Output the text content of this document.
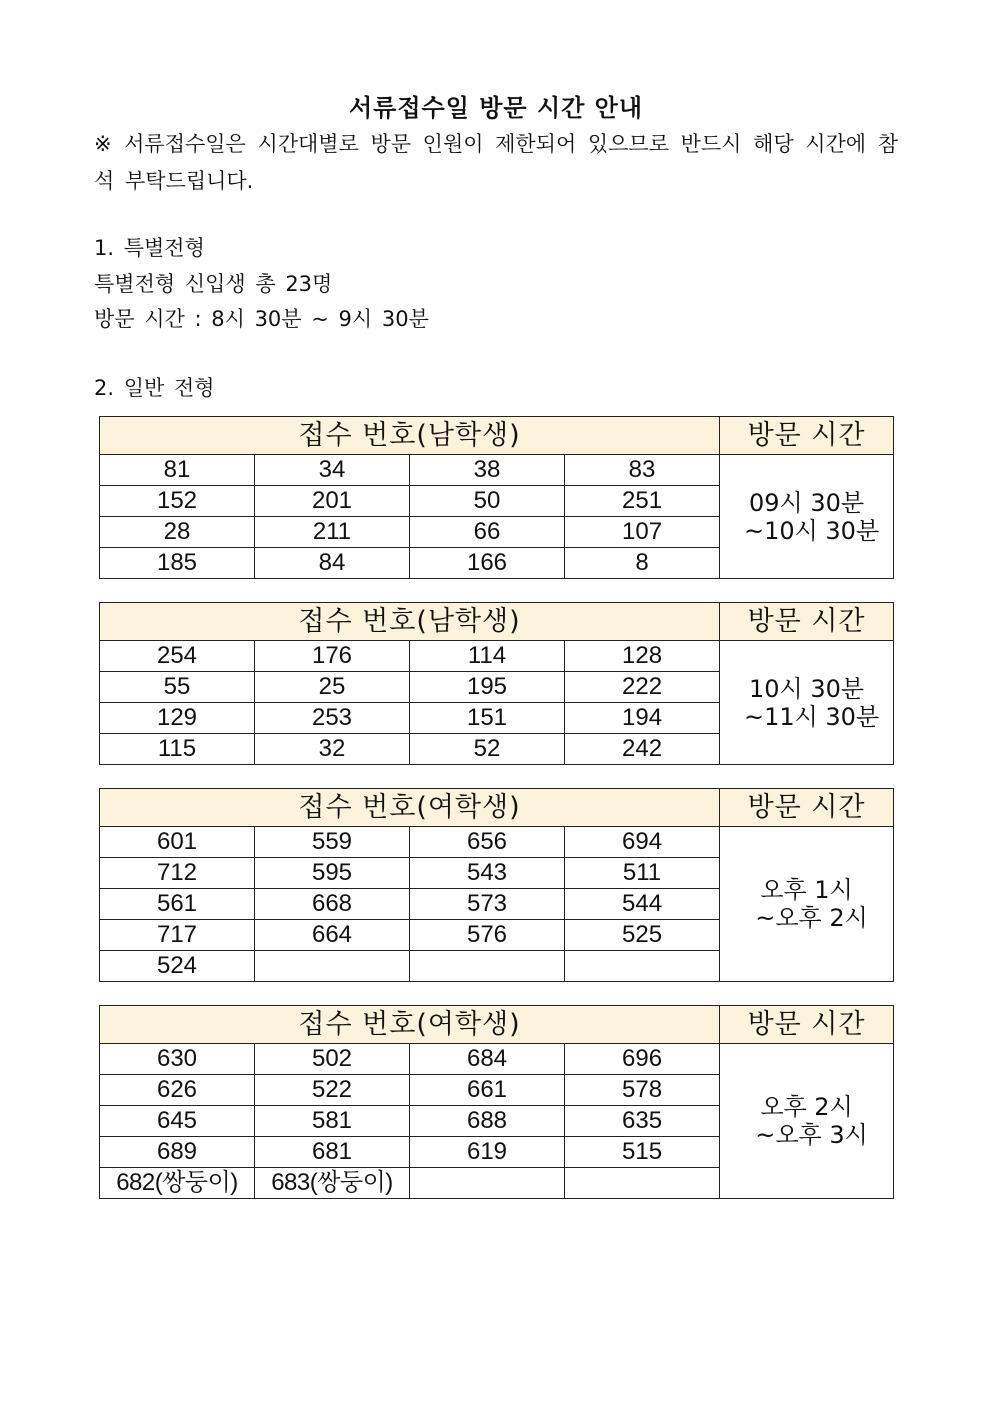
서류접수일 방문 시간 안내
※ 서류접수일은 시간대별로 방문 인원이 제한되어 있으므로 반드시 해당 시간에 참석 부탁드립니다.
1. 특별전형
특별전형 신입생 총 23명
방문 시간 : 8시 30분 ~ 9시 30분
2. 일반 전형
접수 번호(남학생)				방문 시간
81	34	38	83	09시 30분
~10시 30분

152	201	50	251	
28	211	66	107	
185	84	166	8	
접수 번호(남학생)				방문 시간
254	176	114	128	10시 30분
~11시 30분

55	25	195	222	
129	253	151	194	
115	32	52	242	
접수 번호(여학생)				방문 시간
601	559	656	694	오후 1시
~오후 2시

712	595	543	511	
561	668	573	544	
717	664	576	525	
524				
접수 번호(여학생)				방문 시간
630	502	684	696	오후 2시
~오후 3시

626	522	661	578	
645	581	688	635	
689	681	619	515	
682(쌍둥이)	683(쌍둥이)			
